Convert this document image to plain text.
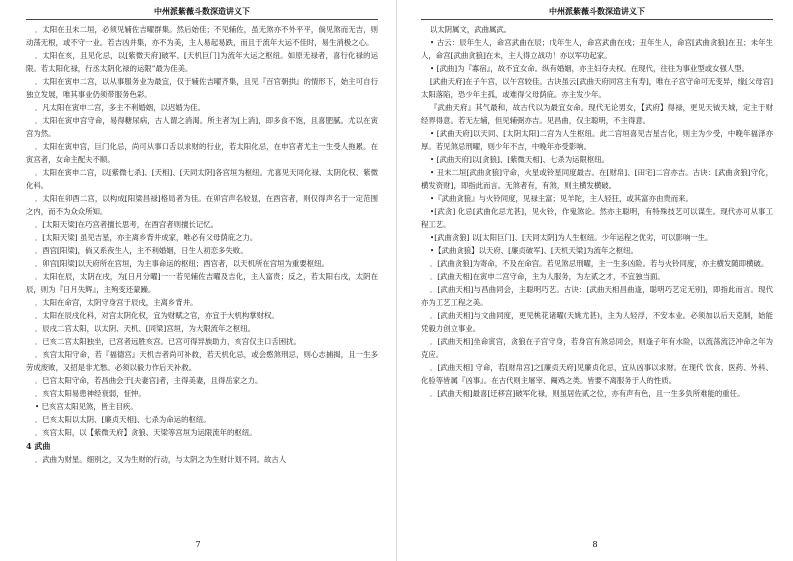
中州派紫薇斗数深造讲义下

．太阳在丑未二垣，必须见辅佐吉曜群集。然后始佳；不见辅佐，虽无煞亦不外平平，倘见煞而无吉，则动荡无根，或不守一业。若吉凶并集，亦不为美，主人易起易跌，而且于流年大运不佳时，易生消极之心。

．太阳在亥，且见化忌，以[紫微天府]破军、[天机巨门]为流年大运之枢纽。如原无禄者，喜行化禄的运限。若太阳化禄，行丞太阴化禄的运限”最为佳美。

．太阳在寅申二宫，以从事服务业为最宜，仅于辅佐吉曜齐集，且见『百官朝拱』的情形下，始主可自行独立发展，唯其事业仍须带服务色彩。

．凡太阳在寅申二宫，多主不利婚姻，以迟婚为佳。

．太阳在寅申宫守命，易得糖尿病，古人谓之消渴。所主者为[上消]，即多食不饱，且喜肥腻。尤以在寅宫为然。

．太阳在寅申宫，巨门化忌，尚可从事口舌以求财的行业，若太阳化忌，在申宫者尤主一生受人拖累。在寅宫者，女命主配夫不顺。

．太阳在寅申二宫，以[紫微七杀]、[天相]、[天同太阴]各宫垣为枢纽。尤喜见天同化禄、太阴化权、紫微化科。

．太阳在卯酉二宫，以构成[阳梁昌禄]格局者为佳。在卯宫声名较显，在酉宫者，则仅得声名于一定范围之内，而不为众众所知。

．[太阳天梁]在巧宫者擅长思考，在酉宫者则擅长记忆。

．[太阳天梁] 虽见吉星，亦主离乡背井成家，唯必有父母荫庇之力。

．酉宫[阳梁]，倘又系夜生人，主不利婚姻，日生人初恋多失败。

．卯宫[阳梁]以天府所在宫垣，为主事命运的枢纽；酉宫者，以天机所在宫垣为重要枢纽。

．太阳在辰，太阴在戌，为[日月分曜]一一若见辅佐吉曜及吉化，主人富贵；反之，若太阳右戌，太阴在辰，则为『日月失辉』，主殉变还蒙躁。

．太阳在命宫，太阴守身宫于辰戌，主离乡背井。

．太阳在辰戌化科，对宫太阴化权，宜为财赋之官，亦宜于大机构掌财权。

．辰戌二宫太阳，以太阴、天机、[同梁]宫垣，为大限流年之枢纽。

．已亥二宫太阳独坐，已宫者远胜亥宫。已宫可得异族助力，亥宫仅主口舌困扰。

．亥宫太阳守命，若『福德宫』天机吉者尚可补救，若天机化忌，或会憨煞刑忌，则心志捕揭，且一生多劳成废败，又招是非尤愁。必须以毅力作后天补救。

．巳宫太阳守命，若昌曲会于[夫妻宫]者，主得美妻，且得岳家之力。

．亥宫太阳易患神经衰弱，怔忡。

• 巳亥宫太阳见煞，皆主目疾。

．巳亥太阳以太阴、[廉贞天相]、七杀为命运的枢纽。

．亥宫太阳，以【紫微天府】贪狼、天梁等宫垣为运限流年的枢纽。

4 武曲

．武曲为财星。细别之，又为生财的行动，与太阴之为生财计划不同。故古人

7
中州派紫薇斗数深造讲义下

以太阴属文，武曲属武。

• 古云：辰年生人，命宫武曲在辰；戊年生人，命宫武曲在戌；丑年生人，命宫[武曲贪狼]在丑；未年生人，命宫[武曲贪狼]在未，主人得立战功！亦以军功起家。

• [武曲]为『寡宿』，故不宜女命。纵有婚姻，亦主妇夺夫权。在现代，往往为事业型或女强人型。

[武曲天府]在子午宫，以午宫较佳。古诀虽云[武曲天府同宫主有寿]，唯在子宫守命可无变异，缘[父母宫]太阳落陷，恐少年主孤，或难得父母荫庇。亦主发少年。

『武曲天府』其气最和，故古代以为最宜女命。现代无论男女，【武府】得禄，更见天钺天城，定主于财经界得意。若无左辅，但见辅弼亦吉。见昌曲，仅主聪明，不主得意。

• [武曲天府]以天同、[太阴太阳]二宫为人生枢纽。此二宫垣喜见吉星吉化，则主为少受，中晚年福泽亦厚。若见煞忌刑曜，则少年不吉，中晚年亦受影响。

• [武曲天府]以[贪狼]、[紫微天相]、七杀为运限枢纽。

• 丑未二垣[武曲贪狼]守命，火星或铃星同度最吉。在[财帛]、[田宅]二宫亦吉。古诀：[武曲贪狼]守化，横发资财]，即指此而言。无煞者有，有煞，则主横发横破。

•『武曲贪狼』与火铃同度，见禄主富；见羊陀，主人轻狂，或其富亦由贵而来。

•[武贪] 化忌[武曲化忌尤甚]，见火铃，作鬼煞论。然亦主聪明，有特殊技艺可以谋生。现代亦可从事工程工艺。

•[武曲贪狼] 以[太阳巨门]、[天同太阴]为人生枢纽。少年运程之优劣，可以影响一生。

•【武曲贪狼】以天府、[廉贞破军]、[天机天梁]为流年之枢纽。

．[武曲贪狼]为寄命，不及在命宫。若见煞忌刑曜，主一生多凶险。若与火铃同度，亦主横发随即横破。

．[武曲天相]在寅申二宫守命，主为人服务，为左贰之才，不宜独当面。

．[武曲天相]与昌曲同会，主聪明巧艺。古诀：[武曲天相昌曲逢，聪明巧艺定无别]，即指此而言。现代亦为工艺工程之美。

．[武曲天相]与文曲同度，更见桃花诸曜(天姚尤甚)，主为人轻浮，不安本业。必须加以后天克制，始能凭毅力创立事业。

．[武曲天相]坐命寅宫，贪狼在子宫守身，若身宫有煞忌同会，则逢子年有水险，以流荡流泛冲命之年为克应。

．[武曲天相] 守命，若[财帛宫]之[廉贞天府]见廉贞化忌，宜从凶事以求财。在现代 饮食、医药、外科、化验等皆属『凶事』。在古代则主屠宰、阉鸡之类。皆要不离服务于人的性质。

．[武曲天相]最喜[迁移宫]破军化禄，则虽居佐贰之位，亦有声有色，且一生多负所难能的重任。

8
